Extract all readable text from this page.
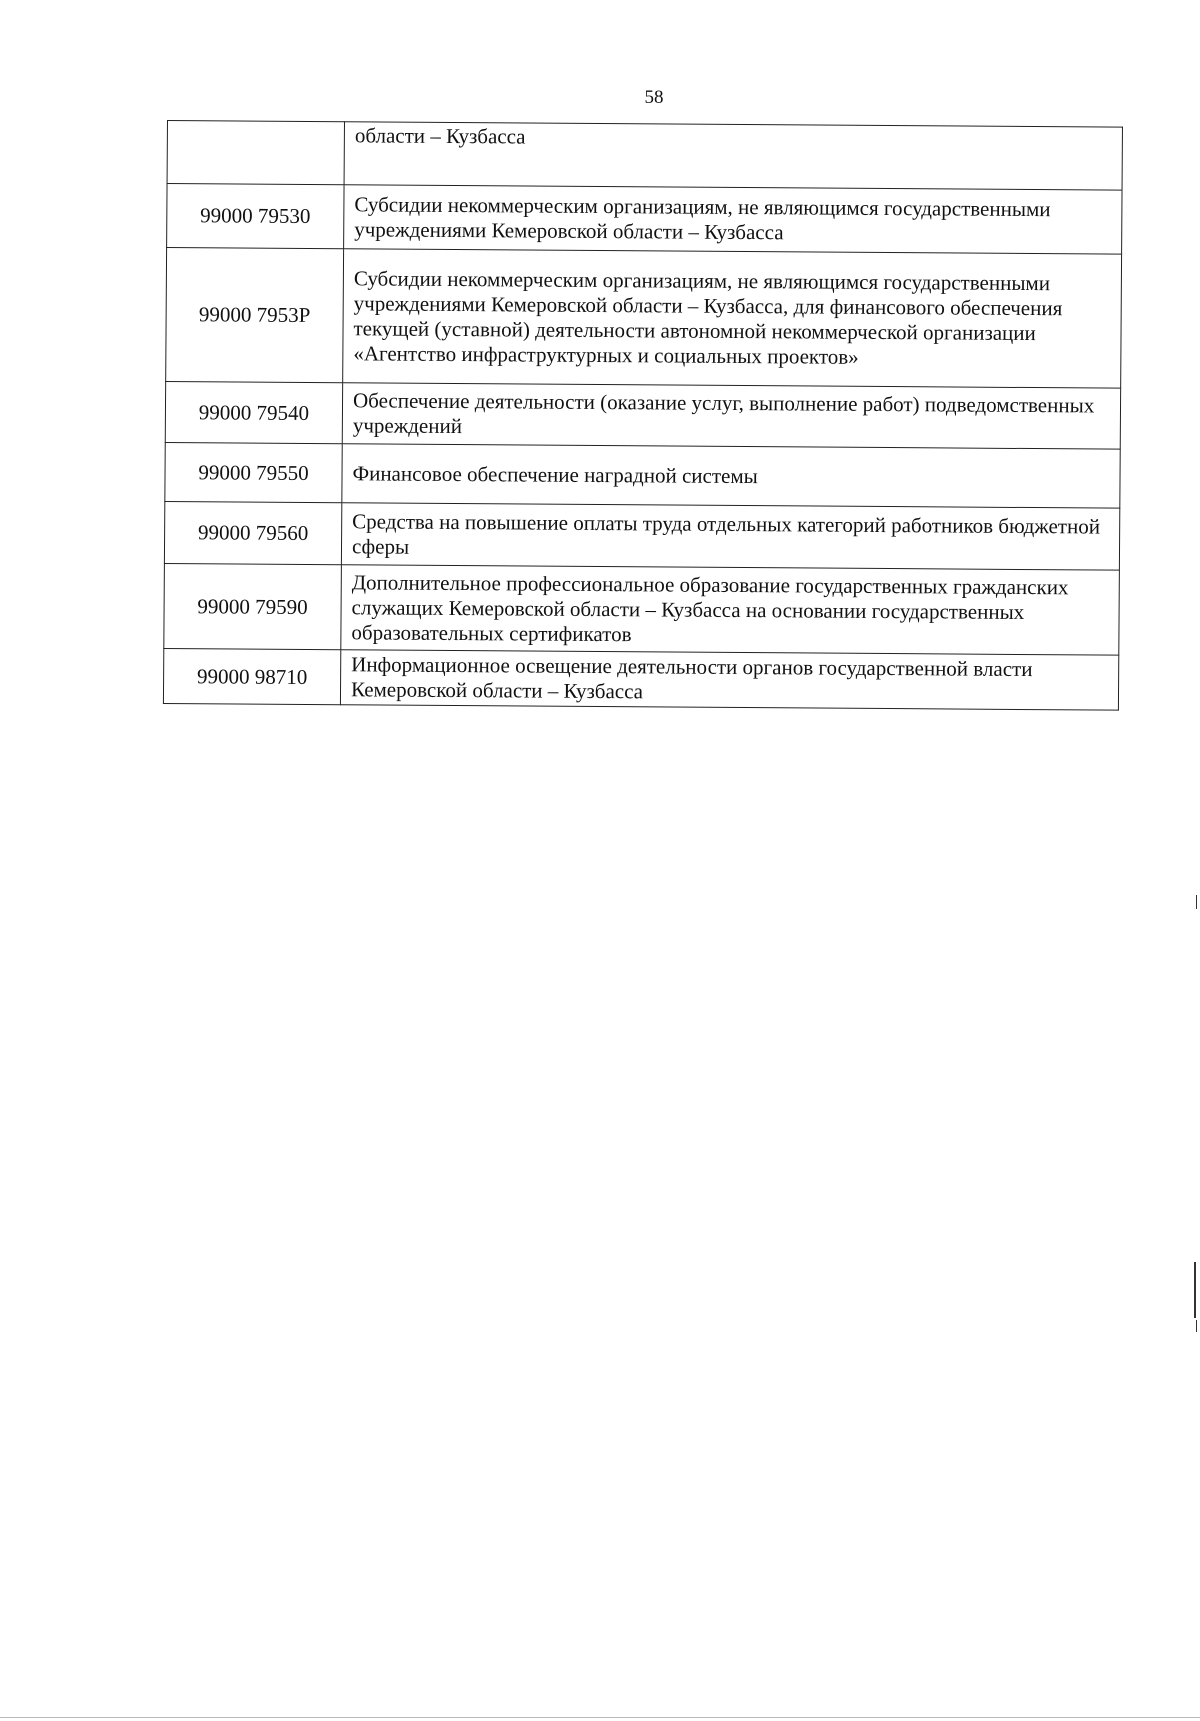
58
	области – Кузбасса
99000 79530	Субсидии некоммерческим организациям, не являющимся государственными учреждениями Кемеровской области – Кузбасса
99000 7953Р	Субсидии некоммерческим организациям, не являющимся государственными учреждениями Кемеровской области – Кузбасса, для финансового обеспечения текущей (уставной) деятельности автономной некоммерческой организации «Агентство инфраструктурных и социальных проектов»
99000 79540	Обеспечение деятельности (оказание услуг, выполнение работ) подведомственных учреждений
99000 79550	Финансовое обеспечение наградной системы
99000 79560	Средства на повышение оплаты труда отдельных категорий работников бюджетной сферы
99000 79590	Дополнительное профессиональное образование государственных гражданских служащих Кемеровской области – Кузбасса на основании государственных образовательных сертификатов
99000 98710	Информационное освещение деятельности органов государственной власти Кемеровской области – Кузбасса
